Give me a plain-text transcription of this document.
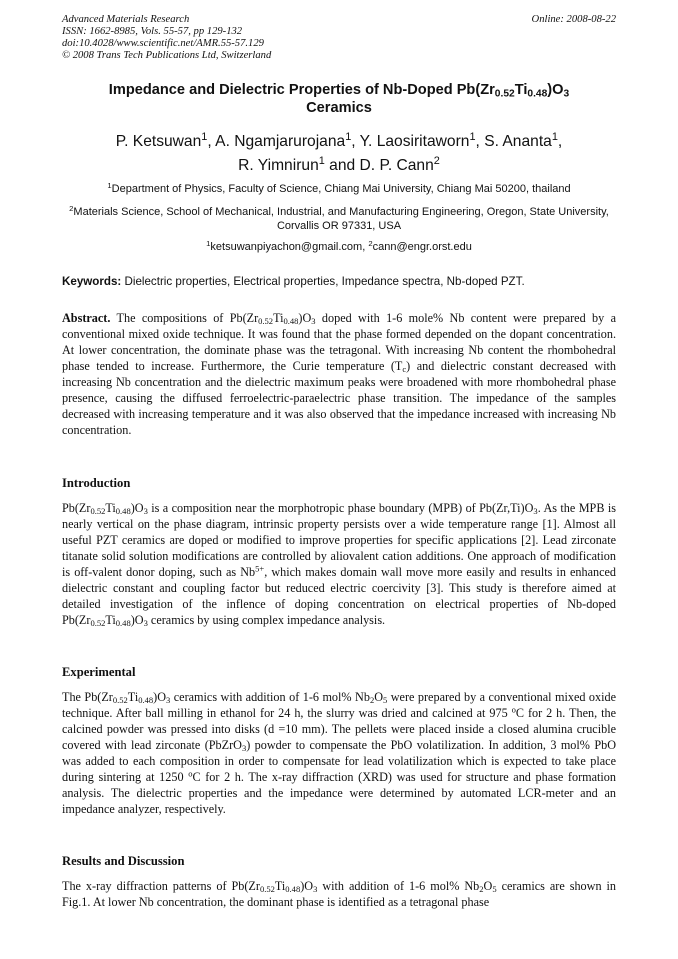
Advanced Materials Research
ISSN: 1662-8985, Vols. 55-57, pp 129-132
doi:10.4028/www.scientific.net/AMR.55-57.129
© 2008 Trans Tech Publications Ltd, Switzerland
Online: 2008-08-22
Impedance and Dielectric Properties of Nb-Doped $Pb(Zr_{0.52}Ti_{0.48})O_3$
Ceramics
P. Ketsuwan$^1$, A. Ngamjarurojana$^1$, Y. Laosiritaworn$^1$, S. Ananta$^1$,
R. Yimnirun$^1$ and D. P. Cann$^2$
$^1$Department of Physics, Faculty of Science, Chiang Mai University, Chiang Mai 50200, thailand
$^2$Materials Science, School of Mechanical, Industrial, and Manufacturing Engineering, Oregon, State University, Corvallis OR 97331, USA
$^1$ketsuwanpiyachon@gmail.com, $^2$cann@engr.orst.edu
Keywords: Dielectric properties, Electrical properties, Impedance spectra, Nb-doped PZT.
Abstract. The compositions of $Pb(Zr_{0.52}Ti_{0.48})O_3$ doped with 1-6 mole% Nb content were prepared by a conventional mixed oxide technique. It was found that the phase formed depended on the dopant concentration. At lower concentration, the dominate phase was the tetragonal. With increasing Nb content the rhombohedral phase tended to increase. Furthermore, the Curie temperature $(T_c)$ and dielectric constant decreased with increasing Nb concentration and the dielectric maximum peaks were broadened with more rhombohedral phase presence, causing the diffused ferroelectric-paraelectric phase transition. The impedance of the samples decreased with increasing temperature and it was also observed that the impedance increased with increasing Nb concentration.
Introduction
$Pb(Zr_{0.52}Ti_{0.48})O_3$ is a composition near the morphotropic phase boundary (MPB) of $Pb(Zr,Ti)O_3$. As the MPB is nearly vertical on the phase diagram, intrinsic property persists over a wide temperature range [1]. Almost all useful PZT ceramics are doped or modified to improve properties for specific applications [2]. Lead zirconate titanate solid solution modifications are controlled by aliovalent cation additions. One approach of modification is off-valent donor doping, such as $Nb^{5+}$, which makes domain wall move more easily and results in enhanced dielectric constant and coupling factor but reduced electric coercivity [3]. This study is therefore aimed at detailed investigation of the inflence of doping concentration on electrical properties of Nb-doped $Pb(Zr_{0.52}Ti_{0.48})O_3$ ceramics by using complex impedance analysis.
Experimental
The $Pb(Zr_{0.52}Ti_{0.48})O_3$ ceramics with addition of 1-6 mol% $Nb_2O_5$ were prepared by a conventional mixed oxide technique. After ball milling in ethanol for 24 h, the slurry was dried and calcined at 975 $^o$C for 2 h. Then, the calcined powder was pressed into disks (d =10 mm). The pellets were placed inside a closed alumina crucible covered with lead zirconate (PbZrO$_3$) powder to compensate the PbO volatilization. In addition, 3 mol% PbO was added to each composition in order to compensate for lead volatilization which is expected to take place during sintering at 1250 $^o$C for 2 h. The x-ray diffraction (XRD) was used for structure and phase formation analysis. The dielectric properties and the impedance were determined by automated LCR-meter and an impedance analyzer, respectively.
Results and Discussion
The x-ray diffraction patterns of $Pb(Zr_{0.52}Ti_{0.48})O_3$ with addition of 1-6 mol% $Nb_2O_5$ ceramics are shown in Fig.1. At lower Nb concentration, the dominant phase is identified as a tetragonal phase
